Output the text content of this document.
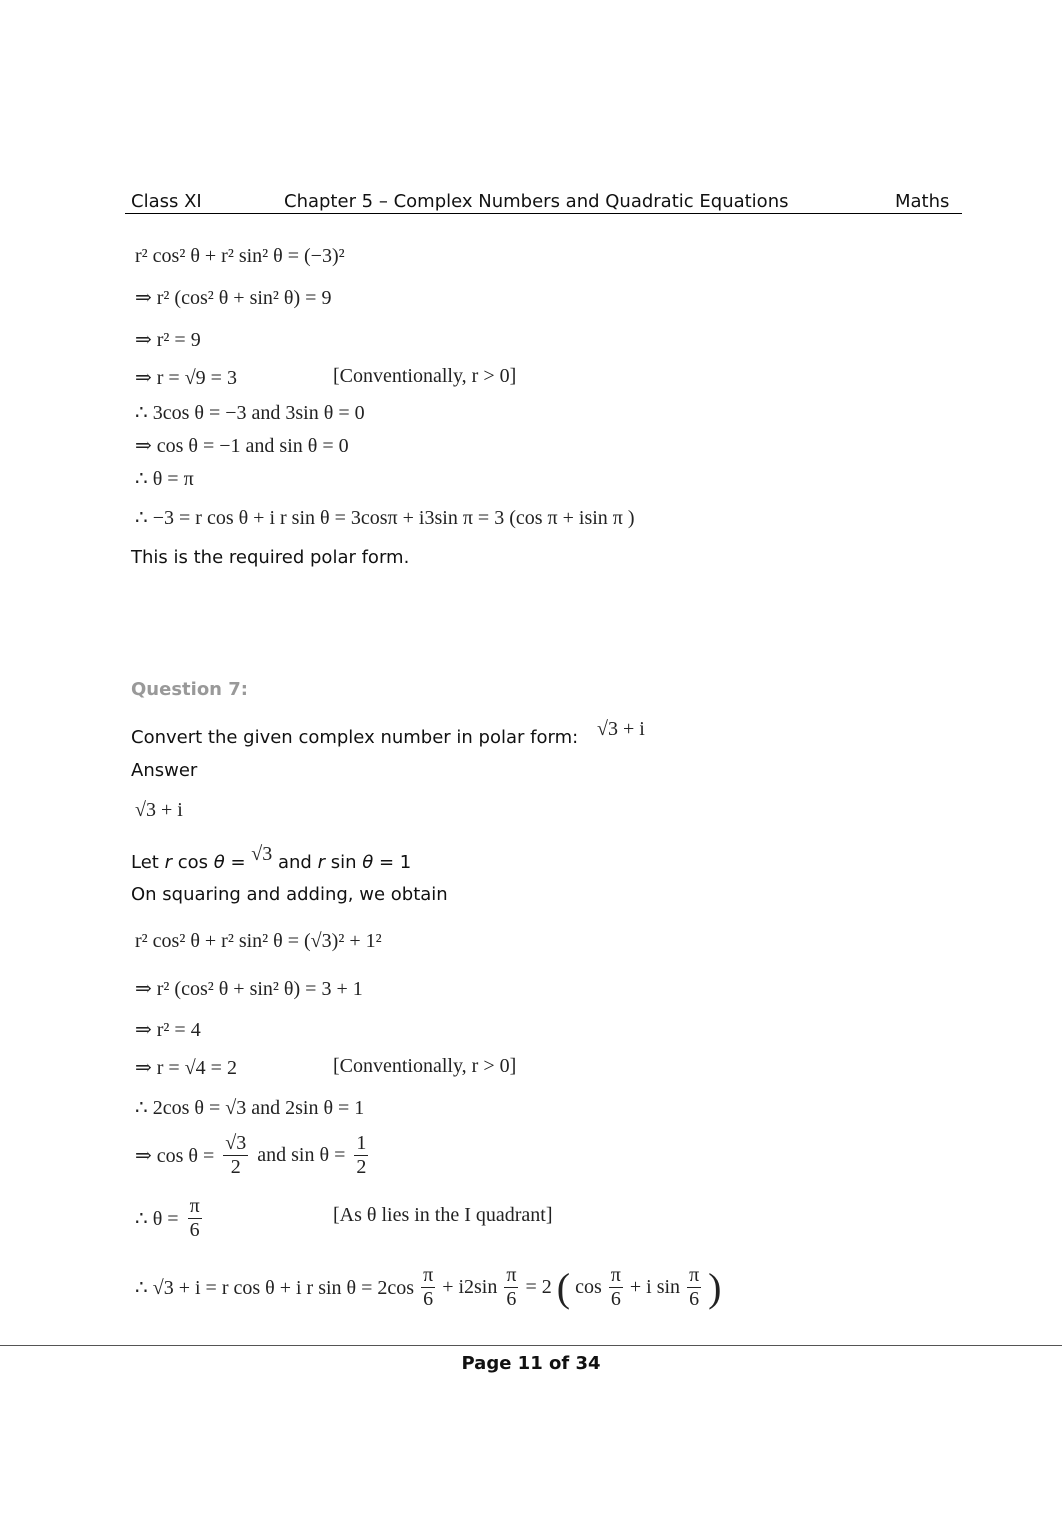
Class XI	Chapter 5 – Complex Numbers and Quadratic Equations	Maths
r² cos² θ + r² sin² θ = (−3)²
⇒ r² (cos² θ + sin² θ) = 9
⇒ r² = 9
⇒ r = √9 = 3	[Conventionally, r > 0]
∴ 3cos θ = −3 and 3sin θ = 0
⇒ cos θ = −1 and sin θ = 0
∴ θ = π
∴ −3 = r cos θ + i r sin θ = 3cosπ + i3sin π = 3 (cos π + isin π )
This is the required polar form.
Question 7:
Convert the given complex number in polar form: √3 + i
Answer
√3 + i
Let r cos θ = √3 and r sin θ = 1
On squaring and adding, we obtain
r² cos² θ + r² sin² θ = (√3)² + 1²
⇒ r² (cos² θ + sin² θ) = 3 + 1
⇒ r² = 4
⇒ r = √4 = 2	[Conventionally, r > 0]
∴ 2cos θ = √3 and 2sin θ = 1
⇒ $\cos \theta = \frac{√3}{2}$ and $\sin \theta = \frac{1}{2}$
∴ $\theta = \frac{\pi}{6}$	[As θ lies in the I quadrant]
∴ √3 + i = r cos θ + i r $\sin \theta = 2\cos \frac{\pi}{6} + i2\sin \frac{\pi}{6} = 2$ ( $\cos \frac{\pi}{6} + i$ $\sin \frac{\pi}{6}$ )
Page 11 of 34
